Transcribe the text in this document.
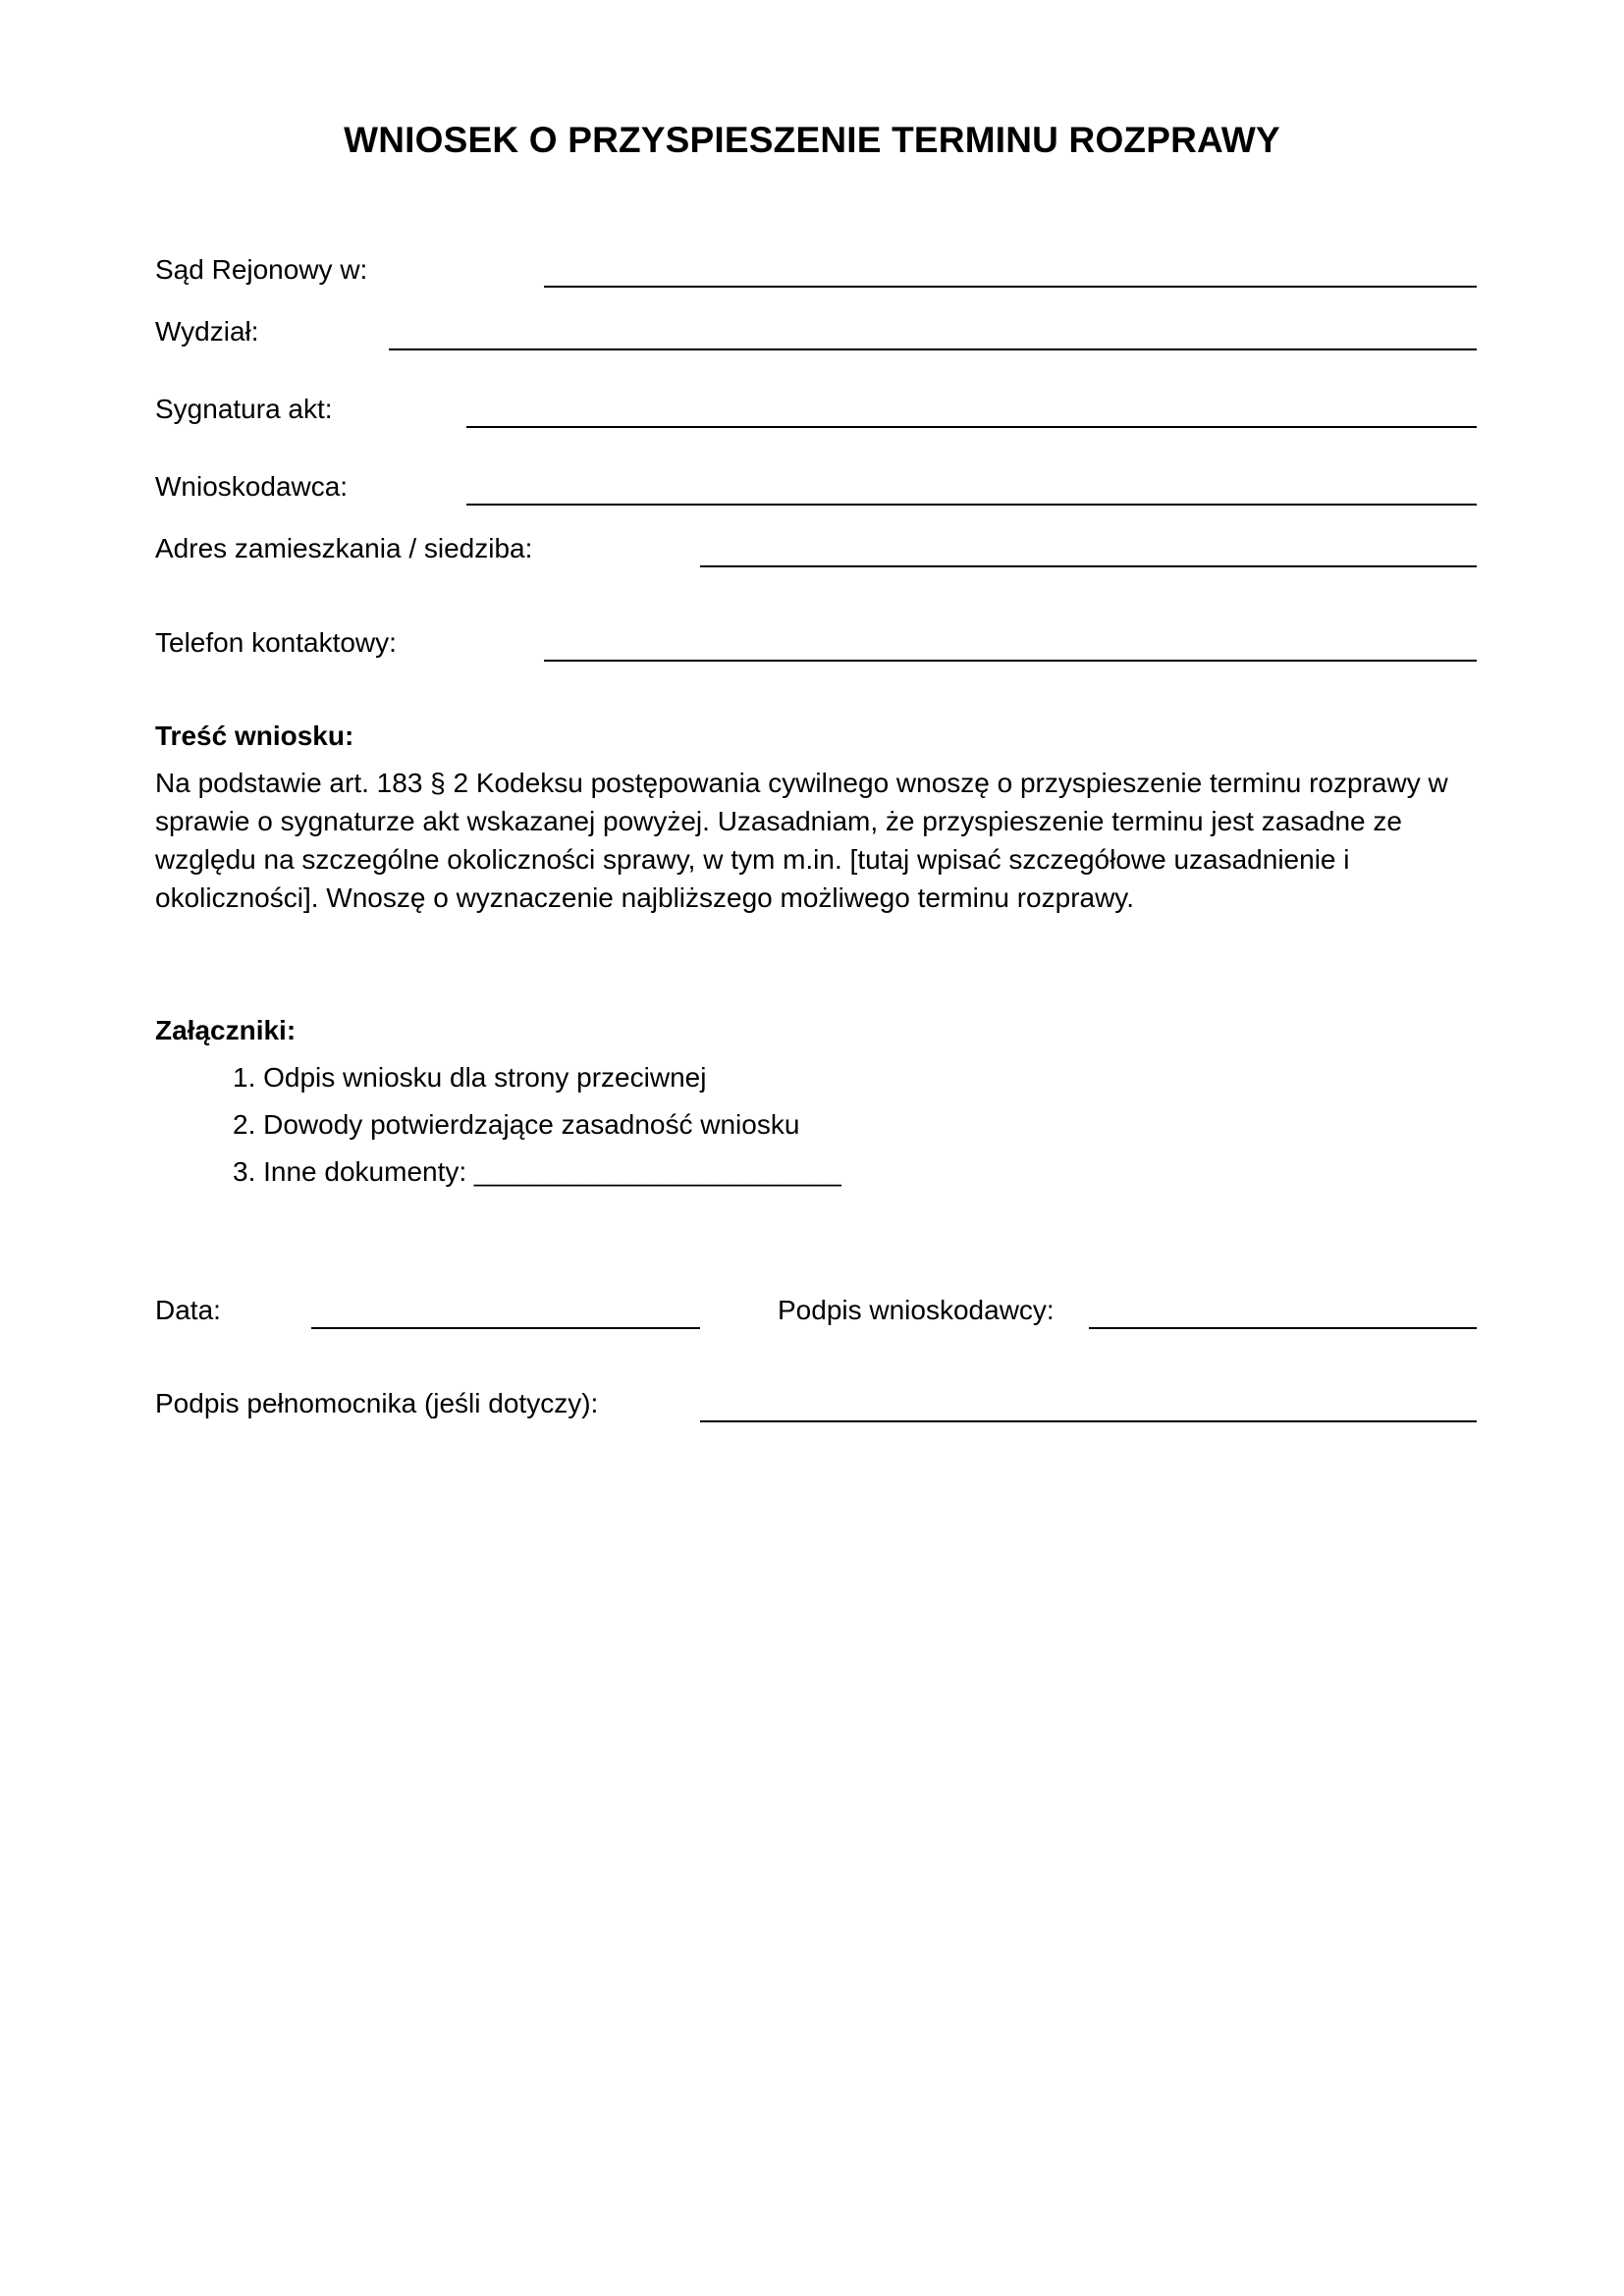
WNIOSEK O PRZYSPIESZENIE TERMINU ROZPRAWY
Sąd Rejonowy w:
Wydział:
Sygnatura akt:
Wnioskodawca:
Adres zamieszkania / siedziba:
Telefon kontaktowy:
Treść wniosku:
Na podstawie art. 183 § 2 Kodeksu postępowania cywilnego wnoszę o przyspieszenie terminu rozprawy w sprawie o sygnaturze akt wskazanej powyżej. Uzasadniam, że przyspieszenie terminu jest zasadne ze względu na szczególne okoliczności sprawy, w tym m.in. [tutaj wpisać szczegółowe uzasadnienie i okoliczności]. Wnoszę o wyznaczenie najbliższego możliwego terminu rozprawy.
Załączniki:
1. Odpis wniosku dla strony przeciwnej
2. Dowody potwierdzające zasadność wniosku
3. Inne dokumenty: ________________________
Data:	Podpis wnioskodawcy:
Podpis pełnomocnika (jeśli dotyczy):
